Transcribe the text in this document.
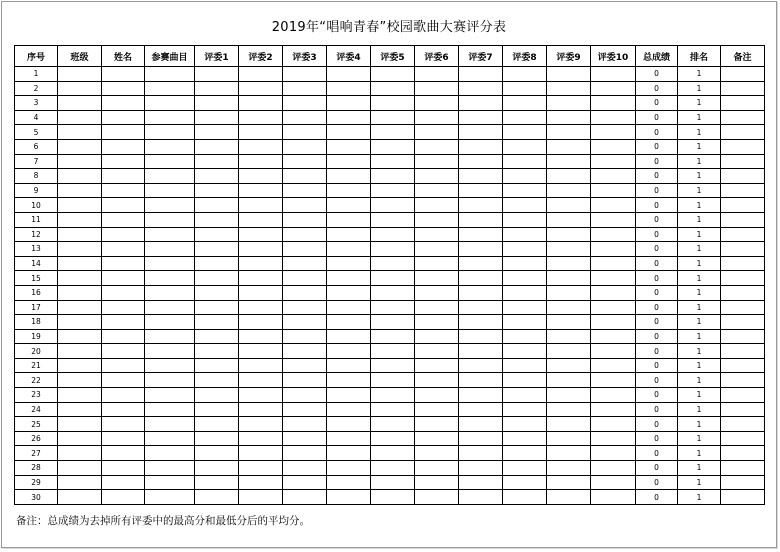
2019年“唱响青春”校园歌曲大赛评分表
序号	班级	姓名	参赛曲目	评委1	评委2	评委3	评委4	评委5	评委6	评委7	评委8	评委9	评委10	总成绩	排名	备注
1														0	1	
2														0	1	
3														0	1	
4														0	1	
5														0	1	
6														0	1	
7														0	1	
8														0	1	
9														0	1	
10														0	1	
11														0	1	
12														0	1	
13														0	1	
14														0	1	
15														0	1	
16														0	1	
17														0	1	
18														0	1	
19														0	1	
20														0	1	
21														0	1	
22														0	1	
23														0	1	
24														0	1	
25														0	1	
26														0	1	
27														0	1	
28														0	1	
29														0	1	
30														0	1	
备注：总成绩为去掉所有评委中的最高分和最低分后的平均分。
